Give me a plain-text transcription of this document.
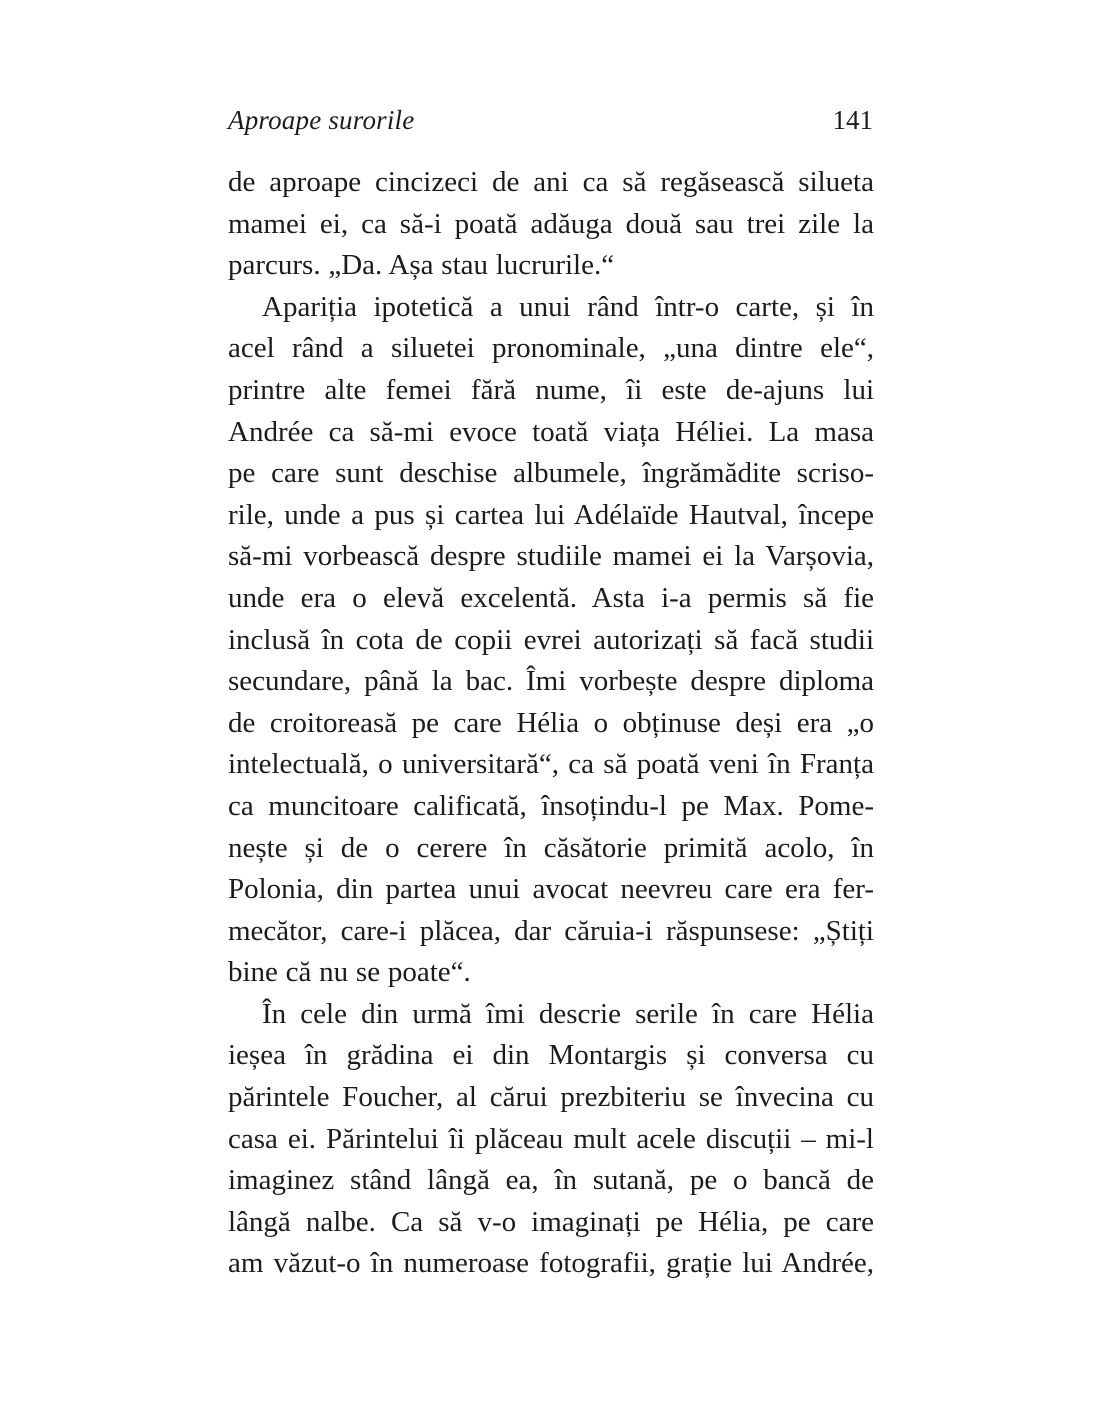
Aproape surorile	141

de aproape cincizeci de ani ca să regăsească silueta
mamei ei, ca să-i poată adăuga două sau trei zile la
parcurs. „Da. Așa stau lucrurile.“

Apariția ipotetică a unui rând într-o carte, și în
acel rând a siluetei pronominale, „una dintre ele“,
printre alte femei fără nume, îi este de-ajuns lui
Andrée ca să-mi evoce toată viața Héliei. La masa
pe care sunt deschise albumele, îngrămădite scriso-
rile, unde a pus și cartea lui Adélaïde Hautval, începe
să-mi vorbească despre studiile mamei ei la Varșovia,
unde era o elevă excelentă. Asta i-a permis să fie
inclusă în cota de copii evrei autorizați să facă studii
secundare, până la bac. Îmi vorbește despre diploma
de croitoreasă pe care Hélia o obținuse deși era „o
intelectuală, o universitară“, ca să poată veni în Franța
ca muncitoare calificată, însoțindu-l pe Max. Pome-
nește și de o cerere în căsătorie primită acolo, în
Polonia, din partea unui avocat neevreu care era fer-
mecător, care-i plăcea, dar căruia-i răspunsese: „Știți
bine că nu se poate“.

În cele din urmă îmi descrie serile în care Hélia
ieșea în grădina ei din Montargis și conversa cu
părintele Foucher, al cărui prezbiteriu se învecina cu
casa ei. Părintelui îi plăceau mult acele discuții – mi-l
imaginez stând lângă ea, în sutană, pe o bancă de
lângă nalbe. Ca să v-o imaginați pe Hélia, pe care
am văzut-o în numeroase fotografii, grație lui Andrée,
